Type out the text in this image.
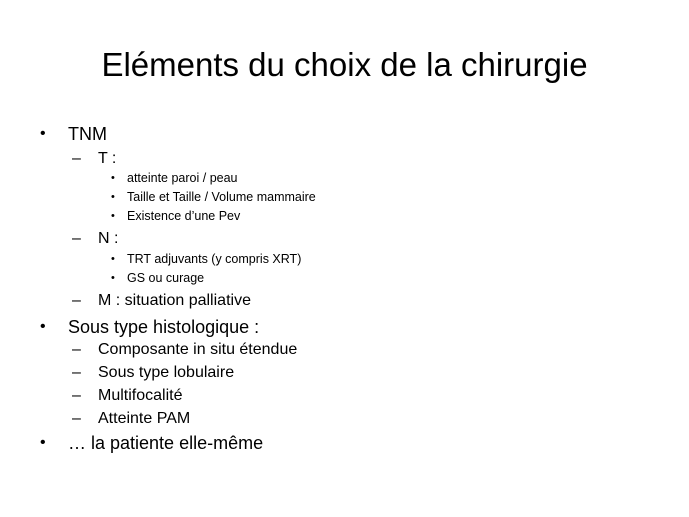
Eléments du choix de la chirurgie
• TNM
– T :
• atteinte paroi / peau
• Taille et Taille / Volume mammaire
• Existence d’une Pev
– N :
• TRT adjuvants (y compris XRT)
• GS ou curage
– M : situation palliative
• Sous type histologique :
– Composante in situ étendue
– Sous type lobulaire
– Multifocalité
– Atteinte PAM
• … la patiente elle-même
